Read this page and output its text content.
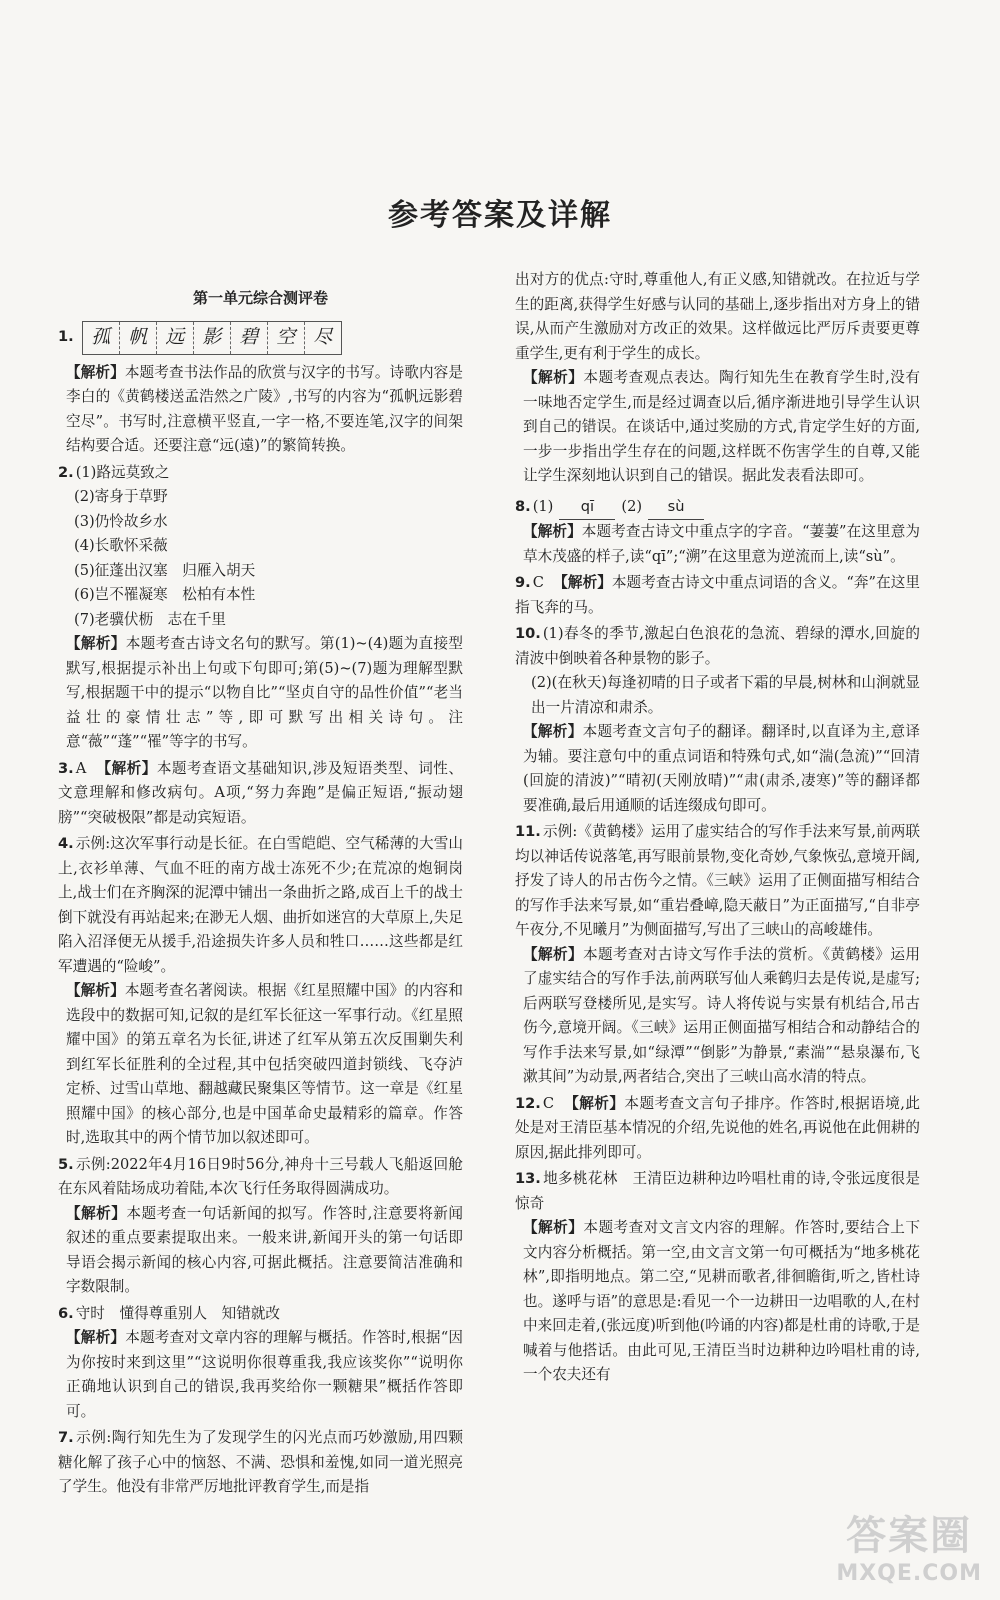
参考答案及详解
第一单元综合测评卷
1. 孤 帆 远 影 碧 空 尽
【解析】本题考查书法作品的欣赏与汉字的书写。诗歌内容是李白的《黄鹤楼送孟浩然之广陵》,书写的内容为“孤帆远影碧空尽”。书写时,注意横平竖直,一字一格,不要连笔,汉字的间架结构要合适。还要注意“远(遠)”的繁简转换。
2. (1)路远莫致之
(2)寄身于草野
(3)仍怜故乡水
(4)长歌怀采薇
(5)征蓬出汉塞　归雁入胡天
(6)岂不罹凝寒　松柏有本性
(7)老骥伏枥　志在千里
【解析】本题考查古诗文名句的默写。第(1)~(4)题为直接型默写,根据提示补出上句或下句即可;第(5)~(7)题为理解型默写,根据题干中的提示“以物自比”“坚贞自守的品性价值”“老当益壮的豪情壮志”等,即可默写出相关诗句。注意“薇”“蓬”“罹”等字的书写。
3. A 【解析】本题考查语文基础知识,涉及短语类型、词性、文意理解和修改病句。A项,“努力奔跑”是偏正短语,“振动翅膀”“突破极限”都是动宾短语。
4. 示例:这次军事行动是长征。在白雪皑皑、空气稀薄的大雪山上,衣衫单薄、气血不旺的南方战士冻死不少;在荒凉的炮铜岗上,战士们在齐胸深的泥潭中铺出一条曲折之路,成百上千的战士倒下就没有再站起来;在渺无人烟、曲折如迷宫的大草原上,失足陷入沼泽便无从援手,沿途损失许多人员和牲口……这些都是红军遭遇的“险峻”。
【解析】本题考查名著阅读。根据《红星照耀中国》的内容和选段中的数据可知,记叙的是红军长征这一军事行动。《红星照耀中国》的第五章名为长征,讲述了红军从第五次反围剿失利到红军长征胜利的全过程,其中包括突破四道封锁线、飞夺泸定桥、过雪山草地、翻越藏民聚集区等情节。这一章是《红星照耀中国》的核心部分,也是中国革命史最精彩的篇章。作答时,选取其中的两个情节加以叙述即可。
5. 示例:2022年4月16日9时56分,神舟十三号载人飞船返回舱在东风着陆场成功着陆,本次飞行任务取得圆满成功。
【解析】本题考查一句话新闻的拟写。作答时,注意要将新闻叙述的重点要素提取出来。一般来讲,新闻开头的第一句话即导语会揭示新闻的核心内容,可据此概括。注意要简洁准确和字数限制。
6. 守时　懂得尊重别人　知错就改
【解析】本题考查对文章内容的理解与概括。作答时,根据“因为你按时来到这里”“这说明你很尊重我,我应该奖你”“说明你正确地认识到自己的错误,我再奖给你一颗糖果”概括作答即可。
7. 示例:陶行知先生为了发现学生的闪光点而巧妙激励,用四颗糖化解了孩子心中的恼怒、不满、恐惧和羞愧,如同一道光照亮了学生。他没有非常严厉地批评教育学生,而是指
出对方的优点:守时,尊重他人,有正义感,知错就改。在拉近与学生的距离,获得学生好感与认同的基础上,逐步指出对方身上的错误,从而产生激励对方改正的效果。这样做远比严厉斥责要更尊重学生,更有利于学生的成长。
【解析】本题考查观点表达。陶行知先生在教育学生时,没有一味地否定学生,而是经过调查以后,循序渐进地引导学生认识到自己的错误。在谈话中,通过奖励的方式,肯定学生好的方面,一步一步指出学生存在的问题,这样既不伤害学生的自尊,又能让学生深刻地认识到自己的错误。据此发表看法即可。
8. (1) qī (2) sù
【解析】本题考查古诗文中重点字的字音。“萋萋”在这里意为草木茂盛的样子,读“qī”;“溯”在这里意为逆流而上,读“sù”。
9. C 【解析】本题考查古诗文中重点词语的含义。“奔”在这里指飞奔的马。
10. (1)春冬的季节,激起白色浪花的急流、碧绿的潭水,回旋的清波中倒映着各种景物的影子。
(2)(在秋天)每逢初晴的日子或者下霜的早晨,树林和山涧就显出一片清凉和肃杀。
【解析】本题考查文言句子的翻译。翻译时,以直译为主,意译为辅。要注意句中的重点词语和特殊句式,如“湍(急流)”“回清(回旋的清波)”“晴初(天刚放晴)”“肃(肃杀,凄寒)”等的翻译都要准确,最后用通顺的话连缀成句即可。
11. 示例:《黄鹤楼》运用了虚实结合的写作手法来写景,前两联均以神话传说落笔,再写眼前景物,变化奇妙,气象恢弘,意境开阔,抒发了诗人的吊古伤今之情。《三峡》运用了正侧面描写相结合的写作手法来写景,如“重岩叠嶂,隐天蔽日”为正面描写,“自非亭午夜分,不见曦月”为侧面描写,写出了三峡山的高峻雄伟。
【解析】本题考查对古诗文写作手法的赏析。《黄鹤楼》运用了虚实结合的写作手法,前两联写仙人乘鹤归去是传说,是虚写;后两联写登楼所见,是实写。诗人将传说与实景有机结合,吊古伤今,意境开阔。《三峡》运用正侧面描写相结合和动静结合的写作手法来写景,如“绿潭”“倒影”为静景,“素湍”“悬泉瀑布,飞漱其间”为动景,两者结合,突出了三峡山高水清的特点。
12. C 【解析】本题考查文言句子排序。作答时,根据语境,此处是对王清臣基本情况的介绍,先说他的姓名,再说他在此佣耕的原因,据此排列即可。
13. 地多桃花林　王清臣边耕种边吟唱杜甫的诗,令张远度很是惊奇
【解析】本题考查对文言文内容的理解。作答时,要结合上下文内容分析概括。第一空,由文言文第一句可概括为“地多桃花林”,即指明地点。第二空,“见耕而歌者,徘徊瞻街,听之,皆杜诗也。遂呼与语”的意思是:看见一个一边耕田一边唱歌的人,在村中来回走着,(张远度)听到他(吟诵的内容)都是杜甫的诗歌,于是喊着与他搭话。由此可见,王清臣当时边耕种边吟唱杜甫的诗,一个农夫还有
答案圈
MXQE.COM
